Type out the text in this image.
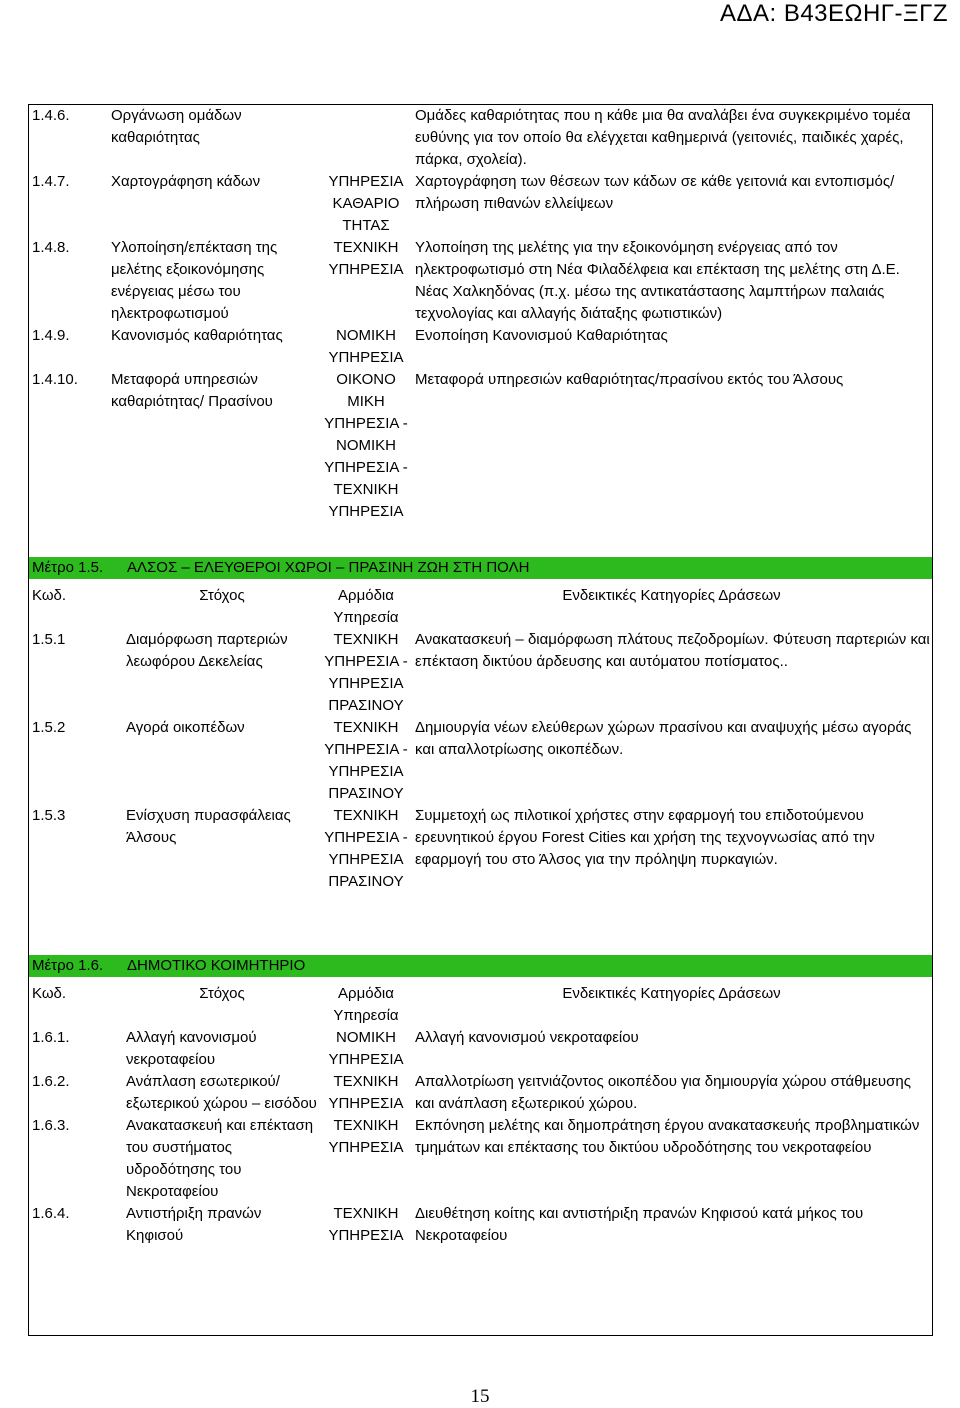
ΑΔΑ: Β43ΕΩΗΓ-ΞΓΖ
1.4.6.	Οργάνωση ομάδων καθαριότητας		Ομάδες καθαριότητας που η κάθε μια θα αναλάβει ένα συγκεκριμένο τομέα ευθύνης για τον οποίο θα ελέγχεται καθημερινά (γειτονιές, παιδικές χαρές, πάρκα, σχολεία).
1.4.7.	Χαρτογράφηση κάδων	ΥΠΗΡΕΣΙΑ ΚΑΘΑΡΙΟ ΤΗΤΑΣ	Χαρτογράφηση των θέσεων των κάδων σε κάθε γειτονιά και εντοπισμός/πλήρωση πιθανών ελλείψεων
1.4.8.	Υλοποίηση/επέκταση της μελέτης εξοικονόμησης ενέργειας μέσω του ηλεκτροφωτισμού	ΤΕΧΝΙΚΗ ΥΠΗΡΕΣΙΑ	Υλοποίηση της μελέτης για την εξοικονόμηση ενέργειας από τον ηλεκτροφωτισμό στη Νέα Φιλαδέλφεια και επέκταση της μελέτης στη Δ.Ε. Νέας Χαλκηδόνας (π.χ. μέσω της αντικατάστασης λαμπτήρων παλαιάς τεχνολογίας και αλλαγής διάταξης φωτιστικών)
1.4.9.	Κανονισμός καθαριότητας	ΝΟΜΙΚΗ ΥΠΗΡΕΣΙΑ	Ενοποίηση Κανονισμού Καθαριότητας
1.4.10.	Μεταφορά υπηρεσιών καθαριότητας/ Πρασίνου	ΟΙΚΟΝΟ ΜΙΚΗ ΥΠΗΡΕΣΙΑ - ΝΟΜΙΚΗ ΥΠΗΡΕΣΙΑ - ΤΕΧΝΙΚΗ ΥΠΗΡΕΣΙΑ	Μεταφορά υπηρεσιών καθαριότητας/πρασίνου εκτός του Άλσους
Μέτρο 1.5.	ΑΛΣΟΣ – ΕΛΕΥΘΕΡΟΙ ΧΩΡΟΙ – ΠΡΑΣΙΝΗ ΖΩΗ ΣΤΗ ΠΟΛΗ		

Κωδ.	Στόχος	Αρμόδια Υπηρεσία	Ενδεικτικές Κατηγορίες Δράσεων
1.5.1	Διαμόρφωση παρτεριών λεωφόρου Δεκελείας	ΤΕΧΝΙΚΗ ΥΠΗΡΕΣΙΑ - ΥΠΗΡΕΣΙΑ ΠΡΑΣΙΝΟΥ	Ανακατασκευή – διαμόρφωση πλάτους πεζοδρομίων. Φύτευση παρτεριών και επέκταση δικτύου άρδευσης και αυτόματου ποτίσματος..
1.5.2	Αγορά οικοπέδων	ΤΕΧΝΙΚΗ ΥΠΗΡΕΣΙΑ - ΥΠΗΡΕΣΙΑ ΠΡΑΣΙΝΟΥ	Δημιουργία νέων ελεύθερων χώρων πρασίνου και αναψυχής μέσω αγοράς και απαλλοτρίωσης οικοπέδων.
1.5.3	Ενίσχυση πυρασφάλειας Άλσους	ΤΕΧΝΙΚΗ ΥΠΗΡΕΣΙΑ - ΥΠΗΡΕΣΙΑ ΠΡΑΣΙΝΟΥ	Συμμετοχή ως πιλοτικοί χρήστες στην εφαρμογή του επιδοτούμενου ερευνητικού έργου Forest Cities και χρήση της τεχνογνωσίας από την εφαρμογή του στο Άλσος για την πρόληψη πυρκαγιών.
Μέτρο 1.6.	ΔΗΜΟΤΙΚΟ ΚΟΙΜΗΤΗΡΙΟ		

Κωδ.	Στόχος	Αρμόδια Υπηρεσία	Ενδεικτικές Κατηγορίες Δράσεων
1.6.1.	Αλλαγή κανονισμού νεκροταφείου	ΝΟΜΙΚΗ ΥΠΗΡΕΣΙΑ	Αλλαγή κανονισμού νεκροταφείου
1.6.2.	Ανάπλαση εσωτερικού/εξωτερικού χώρου – εισόδου	ΤΕΧΝΙΚΗ ΥΠΗΡΕΣΙΑ	Απαλλοτρίωση γειτνιάζοντος οικοπέδου για δημιουργία χώρου στάθμευσης και ανάπλαση εξωτερικού χώρου.
1.6.3.	Ανακατασκευή και επέκταση του συστήματος υδροδότησης του Νεκροταφείου	ΤΕΧΝΙΚΗ ΥΠΗΡΕΣΙΑ	Εκπόνηση μελέτης και δημοπράτηση έργου ανακατασκευής προβληματικών τμημάτων και επέκτασης του δικτύου υδροδότησης του νεκροταφείου
1.6.4.	Αντιστήριξη πρανών Κηφισού	ΤΕΧΝΙΚΗ ΥΠΗΡΕΣΙΑ	Διευθέτηση κοίτης και αντιστήριξη πρανών Κηφισού κατά μήκος του Νεκροταφείου
15
